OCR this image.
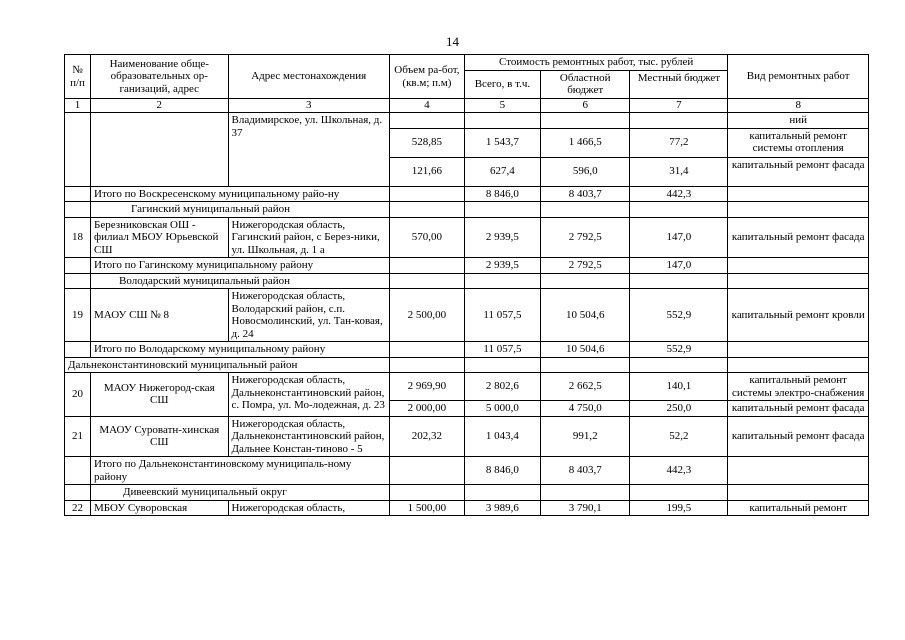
14
№ п/п	Наименование обще-образовательных ор-ганизаций, адрес	Адрес местонахождения	Объем ра-бот, (кв.м; п.м)	Стоимость ремонтных работ, тыс. рублей			Вид ремонтных работ
				Всего, в т.ч.	Областной бюджет	Местный бюджет	
1	2	3	4	5	6	7	8
		Владимирское, ул. Школьная, д. 37					ний
			528,85	1 543,7	1 466,5	77,2	капитальный ремонт системы отопления
			121,66	627,4	596,0	31,4	капитальный ремонт фасада
	Итого по Воскресенскому муниципальному райо-ну			8 846,0	8 403,7	442,3	
	Гагинский муниципальный район						
18	Березниковская ОШ - филиал МБОУ Юрьевской СШ	Нижегородская область, Гагинский район, с Берез-ники, ул. Школьная, д. 1 а	570,00	2 939,5	2 792,5	147,0	капитальный ремонт фасада
	Итого по Гагинскому муниципальному району			2 939,5	2 792,5	147,0	
	Володарский муниципальный район						
19	МАОУ СШ № 8	Нижегородская область, Володарский район, с.п. Новосмолинский, ул. Тан-ковая, д. 24	2 500,00	11 057,5	10 504,6	552,9	капитальный ремонт кровли
	Итого по Володарскому муниципальному району			11 057,5	10 504,6	552,9	
Дальнеконстантиновский муниципальный район							
20	МАОУ Нижегород-ская СШ	Нижегородская область, Дальнеконстантиновский район, с. Помра, ул. Мо-лодежная, д. 23	2 969,90	2 802,6	2 662,5	140,1	капитальный ремонт системы электро-снабжения
			2 000,00	5 000,0	4 750,0	250,0	капитальный ремонт фасада
21	МАОУ Суроватн-хинская СШ	Нижегородская область, Дальнеконстантиновский район, Дальнее Констан-тиново - 5	202,32	1 043,4	991,2	52,2	капитальный ремонт фасада
	Итого по Дальнеконстантиновскому муниципаль-ному району			8 846,0	8 403,7	442,3	
	Дивеевский муниципальный округ						
22	МБОУ Суворовская	Нижегородская область,	1 500,00	3 989,6	3 790,1	199,5	капитальный ремонт
